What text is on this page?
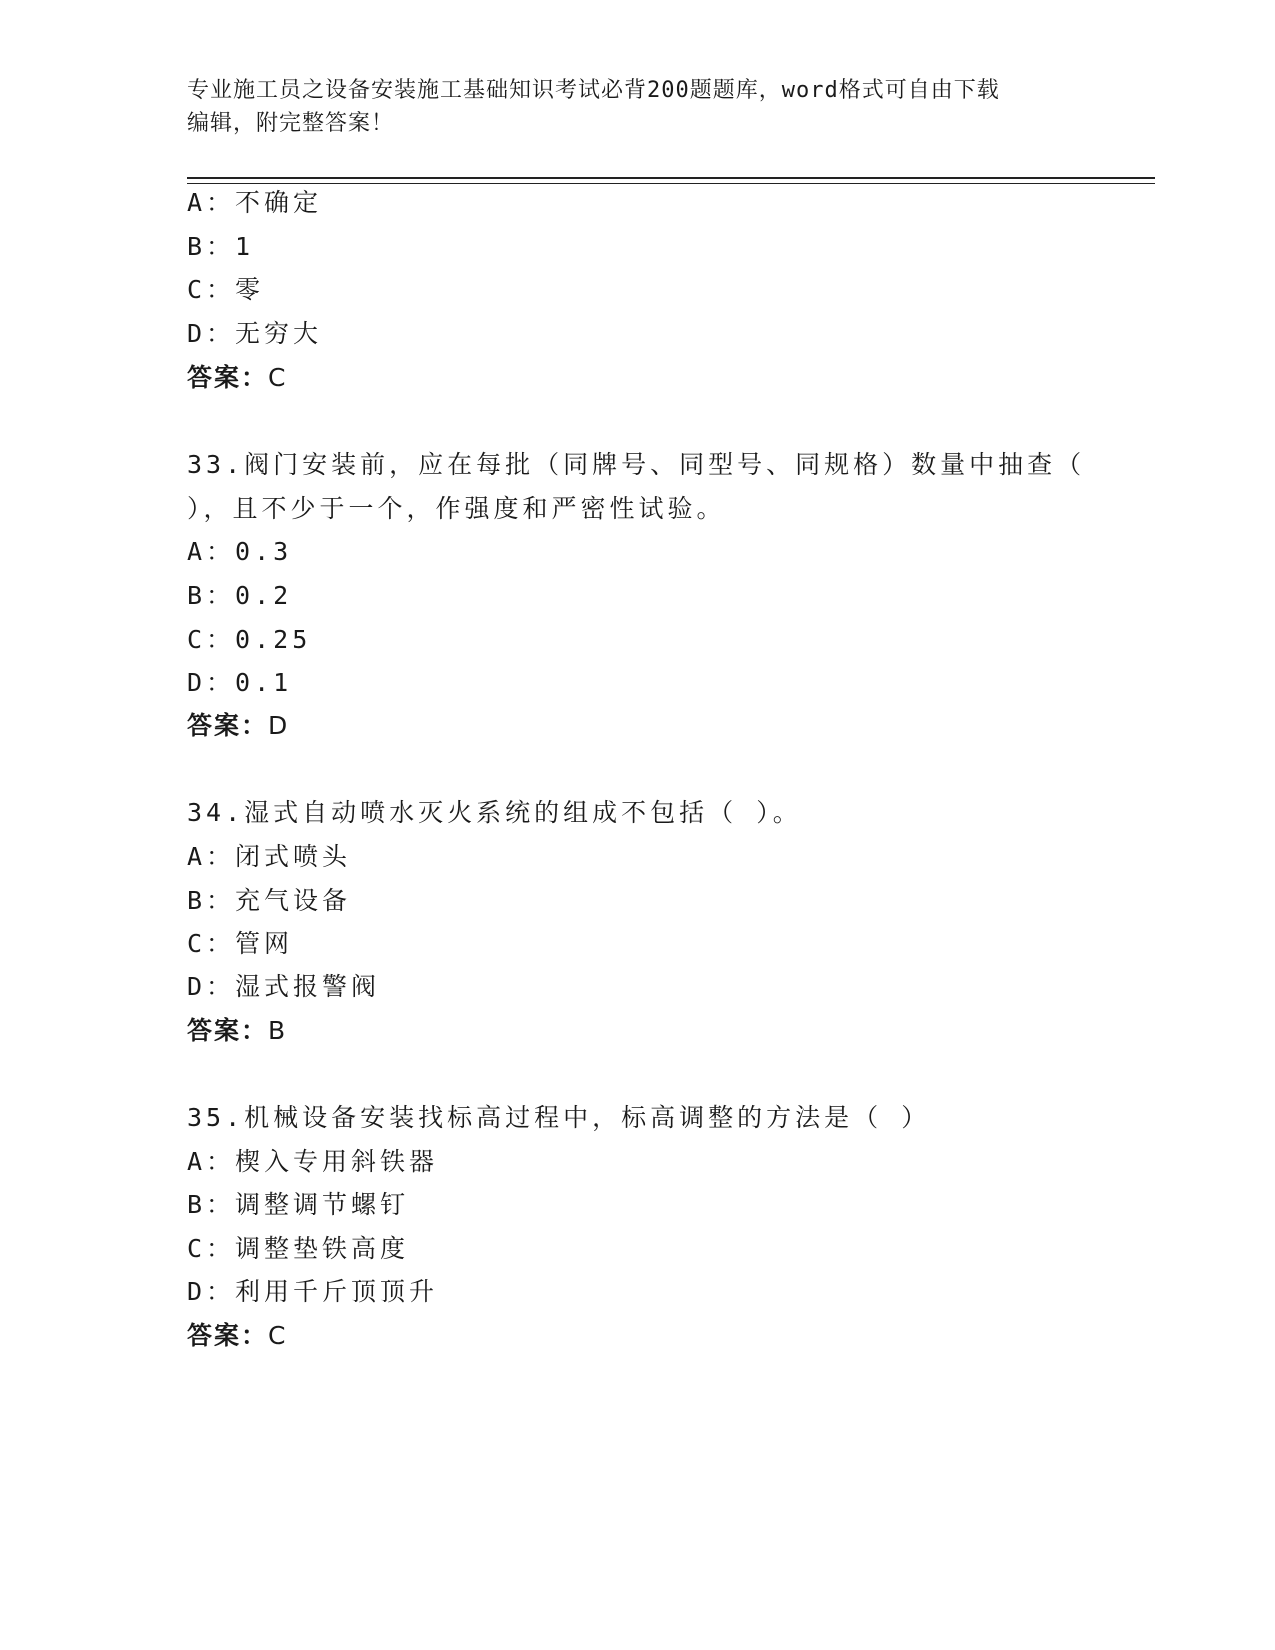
专业施工员之设备安装施工基础知识考试必背200题题库，word格式可自由下载
编辑，附完整答案！
A：不确定
B：1
C：零
D：无穷大
答案：C
33.阀门安装前，应在每批（同牌号、同型号、同规格）数量中抽查（
），且不少于一个，作强度和严密性试验。
A：0.3
B：0.2
C：0.25
D：0.1
答案：D
34.湿式自动喷水灭火系统的组成不包括（ ）。
A：闭式喷头
B：充气设备
C：管网
D：湿式报警阀
答案：B
35.机械设备安装找标高过程中，标高调整的方法是（ ）
A：楔入专用斜铁器
B：调整调节螺钉
C：调整垫铁高度
D：利用千斤顶顶升
答案：C
